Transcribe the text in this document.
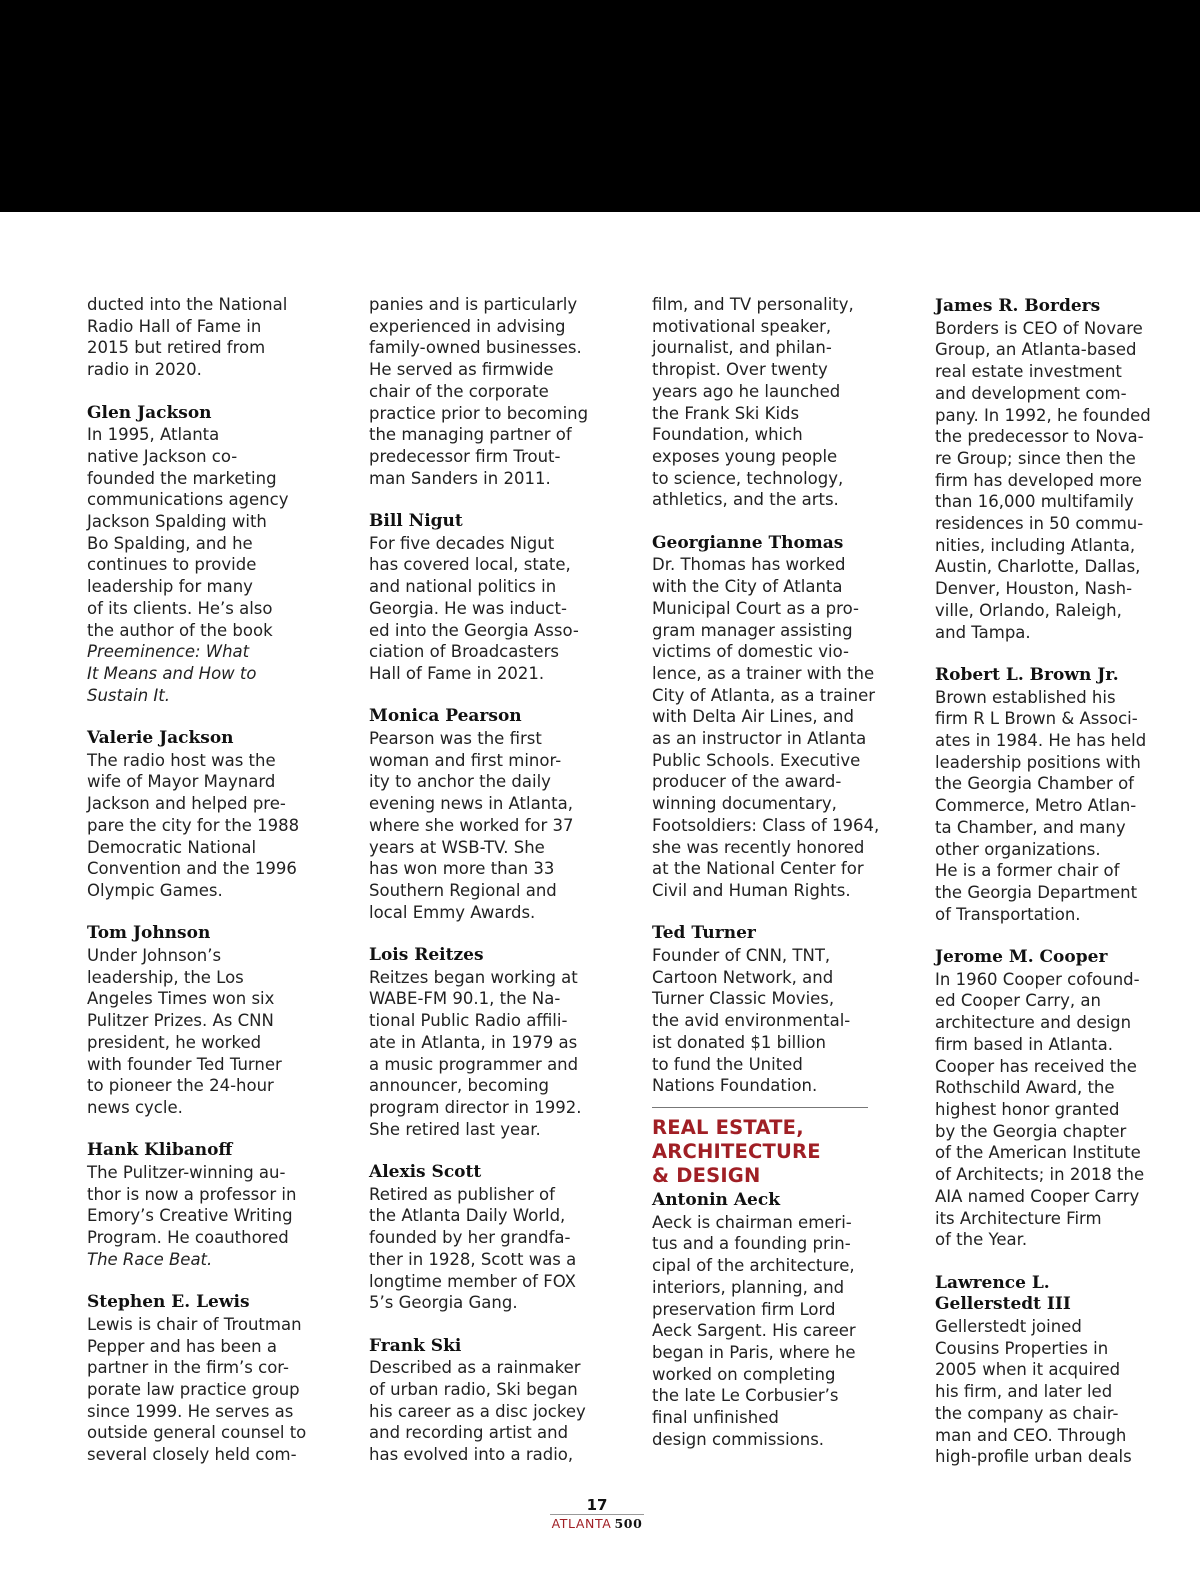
ducted into the National

Radio Hall of Fame in

2015 but retired from

radio in 2020.

Glen Jackson

In 1995, Atlanta

native Jackson co-

founded the marketing

communications agency

Jackson Spalding with

Bo Spalding, and he

continues to provide

leadership for many

of its clients. He’s also

the author of the book

Preeminence: What

It Means and How to

Sustain It.

Valerie Jackson

The radio host was the

wife of Mayor Maynard

Jackson and helped pre-

pare the city for the 1988

Democratic National

Convention and the 1996

Olympic Games.

Tom Johnson

Under Johnson’s

leadership, the Los

Angeles Times won six

Pulitzer Prizes. As CNN

president, he worked

with founder Ted Turner

to pioneer the 24-hour

news cycle.

Hank Klibanoff

The Pulitzer-winning au-

thor is now a professor in

Emory’s Creative Writing

Program. He coauthored

The Race Beat.

Stephen E. Lewis

Lewis is chair of Troutman

Pepper and has been a

partner in the firm’s cor-

porate law practice group

since 1999. He serves as

outside general counsel to

several closely held com-

panies and is particularly

experienced in advising

family-owned businesses.

He served as firmwide

chair of the corporate

practice prior to becoming

the managing partner of

predecessor firm Trout-

man Sanders in 2011.

Bill Nigut

For five decades Nigut

has covered local, state,

and national politics in

Georgia. He was induct-

ed into the Georgia Asso-

ciation of Broadcasters

Hall of Fame in 2021.

Monica Pearson

Pearson was the first

woman and first minor-

ity to anchor the daily

evening news in Atlanta,

where she worked for 37

years at WSB-TV. She

has won more than 33

Southern Regional and

local Emmy Awards.

Lois Reitzes

Reitzes began working at

WABE-FM 90.1, the Na-

tional Public Radio affili-

ate in Atlanta, in 1979 as

a music programmer and

announcer, becoming

program director in 1992.

She retired last year.

Alexis Scott

Retired as publisher of

the Atlanta Daily World,

founded by her grandfa-

ther in 1928, Scott was a

longtime member of FOX

5’s Georgia Gang.

Frank Ski

Described as a rainmaker

of urban radio, Ski began

his career as a disc jockey

and recording artist and

has evolved into a radio,

film, and TV personality,

motivational speaker,

journalist, and philan-

thropist. Over twenty

years ago he launched

the Frank Ski Kids

Foundation, which

exposes young people

to science, technology,

athletics, and the arts.

Georgianne Thomas

Dr. Thomas has worked

with the City of Atlanta

Municipal Court as a pro-

gram manager assisting

victims of domestic vio-

lence, as a trainer with the

City of Atlanta, as a trainer

with Delta Air Lines, and

as an instructor in Atlanta

Public Schools. Executive

producer of the award-

winning documentary,

Footsoldiers: Class of 1964,

she was recently honored

at the National Center for

Civil and Human Rights.

Ted Turner

Founder of CNN, TNT,

Cartoon Network, and

Turner Classic Movies,

the avid environmental-

ist donated $1 billion

to fund the United

Nations Foundation.

REAL ESTATE,
ARCHITECTURE
& DESIGN
Antonin Aeck

Aeck is chairman emeri-

tus and a founding prin-

cipal of the architecture,

interiors, planning, and

preservation firm Lord

Aeck Sargent. His career

began in Paris, where he

worked on completing

the late Le Corbusier’s

final unfinished

design commissions.

James R. Borders

Borders is CEO of Novare

Group, an Atlanta-based

real estate investment

and development com-

pany. In 1992, he founded

the predecessor to Nova-

re Group; since then the

firm has developed more

than 16,000 multifamily

residences in 50 commu-

nities, including Atlanta,

Austin, Charlotte, Dallas,

Denver, Houston, Nash-

ville, Orlando, Raleigh,

and Tampa.

Robert L. Brown Jr.

Brown established his

firm R L Brown & Associ-

ates in 1984. He has held

leadership positions with

the Georgia Chamber of

Commerce, Metro Atlan-

ta Chamber, and many

other organizations.

He is a former chair of

the Georgia Department

of Transportation.

Jerome M. Cooper

In 1960 Cooper cofound-

ed Cooper Carry, an

architecture and design

firm based in Atlanta.

Cooper has received the

Rothschild Award, the

highest honor granted

by the Georgia chapter

of the American Institute

of Architects; in 2018 the

AIA named Cooper Carry

its Architecture Firm

of the Year.

Lawrence L.
Gellerstedt III

Gellerstedt joined

Cousins Properties in

2005 when it acquired

his firm, and later led

the company as chair-

man and CEO. Through

high-profile urban deals

17
ATLANTA  500
